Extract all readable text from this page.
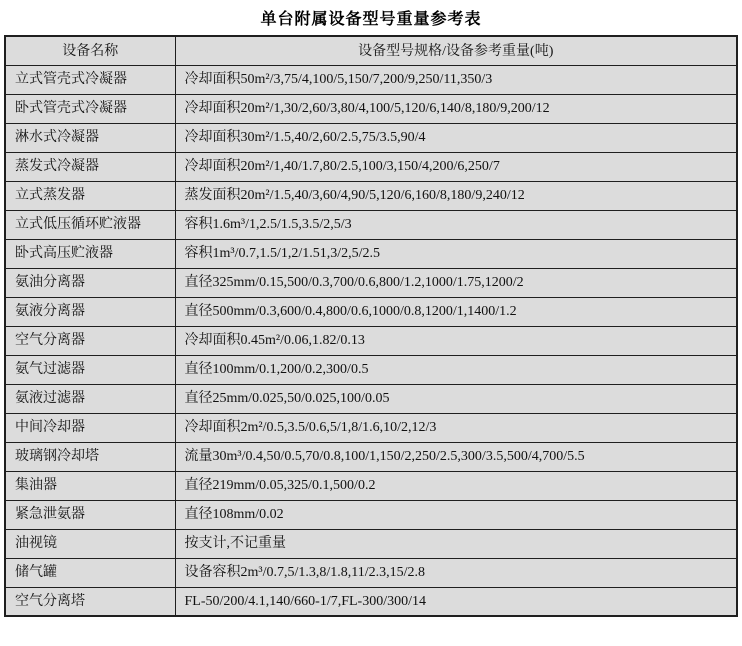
单台附属设备型号重量参考表
设备名称	设备型号规格/设备参考重量(吨)
立式管壳式冷凝器	冷却面积50m²/3,75/4,100/5,150/7,200/9,250/11,350/3
卧式管壳式冷凝器	冷却面积20m²/1,30/2,60/3,80/4,100/5,120/6,140/8,180/9,200/12
淋水式冷凝器	冷却面积30m²/1.5,40/2,60/2.5,75/3.5,90/4
蒸发式冷凝器	冷却面积20m²/1,40/1.7,80/2.5,100/3,150/4,200/6,250/7
立式蒸发器	蒸发面积20m²/1.5,40/3,60/4,90/5,120/6,160/8,180/9,240/12
立式低压循环贮液器	容积1.6m³/1,2.5/1.5,3.5/2,5/3
卧式高压贮液器	容积1m³/0.7,1.5/1,2/1.51,3/2,5/2.5
氨油分离器	直径325mm/0.15,500/0.3,700/0.6,800/1.2,1000/1.75,1200/2
氨液分离器	直径500mm/0.3,600/0.4,800/0.6,1000/0.8,1200/1,1400/1.2
空气分离器	冷却面积0.45m²/0.06,1.82/0.13
氨气过滤器	直径100mm/0.1,200/0.2,300/0.5
氨液过滤器	直径25mm/0.025,50/0.025,100/0.05
中间冷却器	冷却面积2m²/0.5,3.5/0.6,5/1,8/1.6,10/2,12/3
玻璃钢冷却塔	流量30m³/0.4,50/0.5,70/0.8,100/1,150/2,250/2.5,300/3.5,500/4,700/5.5
集油器	直径219mm/0.05,325/0.1,500/0.2
紧急泄氨器	直径108mm/0.02
油视镜	按支计,不记重量
储气罐	设备容积2m³/0.7,5/1.3,8/1.8,11/2.3,15/2.8
空气分离塔	FL-50/200/4.1,140/660-1/7,FL-300/300/14
